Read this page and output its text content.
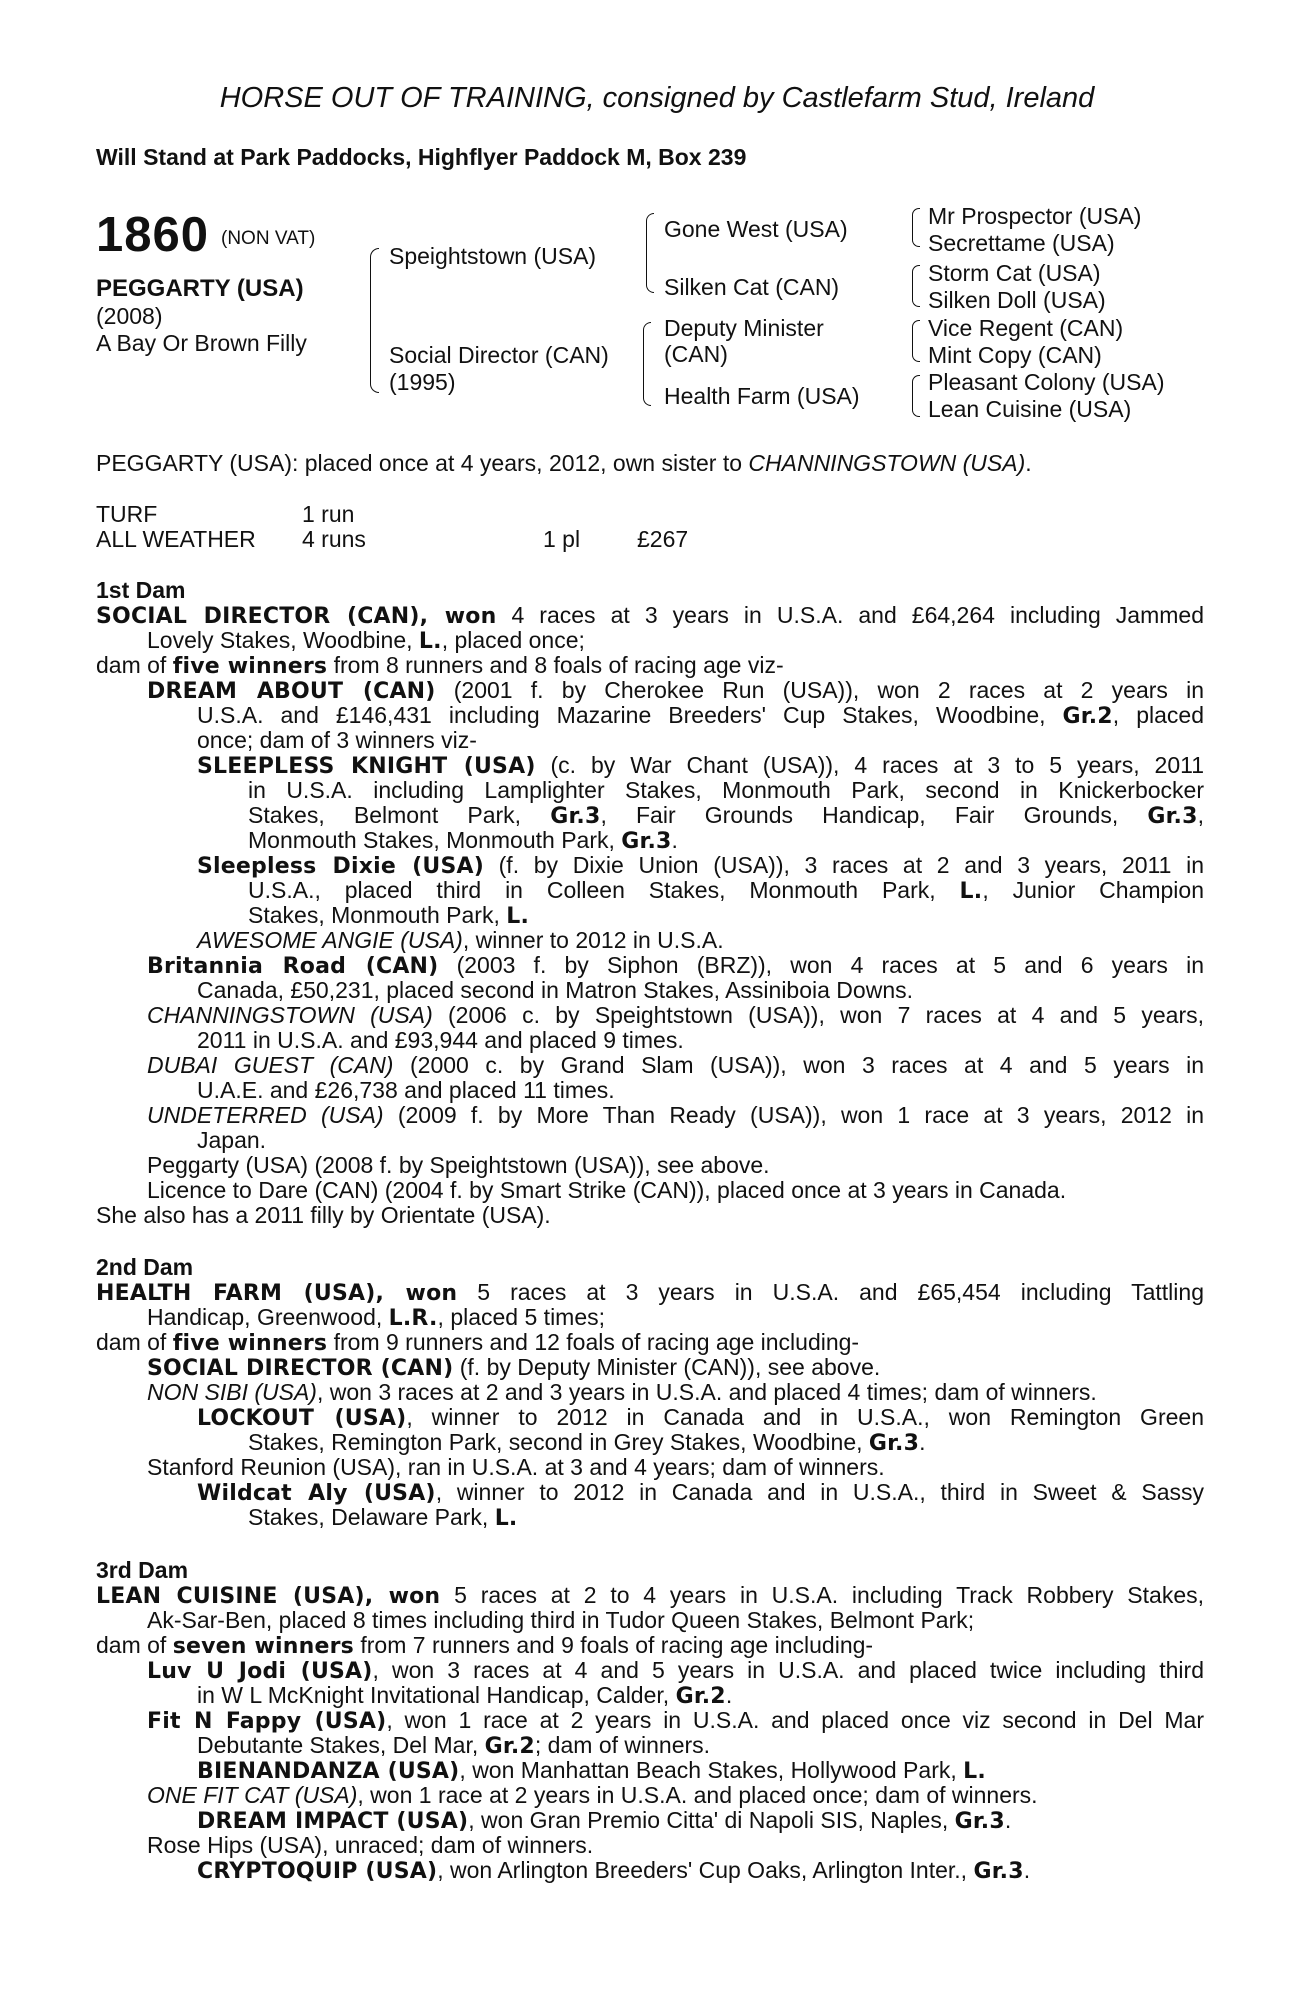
HORSE OUT OF TRAINING, consigned by Castlefarm Stud, Ireland
Will Stand at Park Paddocks, Highflyer Paddock M, Box 239
1860 (NON VAT)
PEGGARTY (USA)
(2008)
A Bay Or Brown Filly
Speightstown (USA)
Social Director (CAN)
(1995)
Gone West (USA)
Silken Cat (CAN)
Deputy Minister
(CAN)
Health Farm (USA)
Mr Prospector (USA)
Secrettame (USA)
Storm Cat (USA)
Silken Doll (USA)
Vice Regent (CAN)
Mint Copy (CAN)
Pleasant Colony (USA)
Lean Cuisine (USA)
PEGGARTY (USA): placed once at 4 years, 2012, own sister to CHANNINGSTOWN (USA).
TURF	1 run
ALL WEATHER 4 runs	1 pl £267
1st Dam
SOCIAL DIRECTOR (CAN), won 4 races at 3 years in U.S.A. and £64,264 including Jammed
Lovely Stakes, Woodbine, L., placed once;
dam of five winners from 8 runners and 8 foals of racing age viz-
DREAM ABOUT (CAN) (2001 f. by Cherokee Run (USA)), won 2 races at 2 years in
U.S.A. and £146,431 including Mazarine Breeders' Cup Stakes, Woodbine, Gr.2, placed
once; dam of 3 winners viz-
SLEEPLESS KNIGHT (USA) (c. by War Chant (USA)), 4 races at 3 to 5 years, 2011
in U.S.A. including Lamplighter Stakes, Monmouth Park, second in Knickerbocker
Stakes, Belmont Park, Gr.3, Fair Grounds Handicap, Fair Grounds, Gr.3,
Monmouth Stakes, Monmouth Park, Gr.3.
Sleepless Dixie (USA) (f. by Dixie Union (USA)), 3 races at 2 and 3 years, 2011 in
U.S.A., placed third in Colleen Stakes, Monmouth Park, L., Junior Champion
Stakes, Monmouth Park, L.
AWESOME ANGIE (USA), winner to 2012 in U.S.A.
Britannia Road (CAN) (2003 f. by Siphon (BRZ)), won 4 races at 5 and 6 years in
Canada, £50,231, placed second in Matron Stakes, Assiniboia Downs.
CHANNINGSTOWN (USA) (2006 c. by Speightstown (USA)), won 7 races at 4 and 5 years,
2011 in U.S.A. and £93,944 and placed 9 times.
DUBAI GUEST (CAN) (2000 c. by Grand Slam (USA)), won 3 races at 4 and 5 years in
U.A.E. and £26,738 and placed 11 times.
UNDETERRED (USA) (2009 f. by More Than Ready (USA)), won 1 race at 3 years, 2012 in
Japan.
Peggarty (USA) (2008 f. by Speightstown (USA)), see above.
Licence to Dare (CAN) (2004 f. by Smart Strike (CAN)), placed once at 3 years in Canada.
She also has a 2011 filly by Orientate (USA).
2nd Dam
HEALTH FARM (USA), won 5 races at 3 years in U.S.A. and £65,454 including Tattling
Handicap, Greenwood, L.R., placed 5 times;
dam of five winners from 9 runners and 12 foals of racing age including-
SOCIAL DIRECTOR (CAN) (f. by Deputy Minister (CAN)), see above.
NON SIBI (USA), won 3 races at 2 and 3 years in U.S.A. and placed 4 times; dam of winners.
LOCKOUT (USA), winner to 2012 in Canada and in U.S.A., won Remington Green
Stakes, Remington Park, second in Grey Stakes, Woodbine, Gr.3.
Stanford Reunion (USA), ran in U.S.A. at 3 and 4 years; dam of winners.
Wildcat Aly (USA), winner to 2012 in Canada and in U.S.A., third in Sweet & Sassy
Stakes, Delaware Park, L.
3rd Dam
LEAN CUISINE (USA), won 5 races at 2 to 4 years in U.S.A. including Track Robbery Stakes,
Ak-Sar-Ben, placed 8 times including third in Tudor Queen Stakes, Belmont Park;
dam of seven winners from 7 runners and 9 foals of racing age including-
Luv U Jodi (USA), won 3 races at 4 and 5 years in U.S.A. and placed twice including third
in W L McKnight Invitational Handicap, Calder, Gr.2.
Fit N Fappy (USA), won 1 race at 2 years in U.S.A. and placed once viz second in Del Mar
Debutante Stakes, Del Mar, Gr.2; dam of winners.
BIENANDANZA (USA), won Manhattan Beach Stakes, Hollywood Park, L.
ONE FIT CAT (USA), won 1 race at 2 years in U.S.A. and placed once; dam of winners.
DREAM IMPACT (USA), won Gran Premio Citta' di Napoli SIS, Naples, Gr.3.
Rose Hips (USA), unraced; dam of winners.
CRYPTOQUIP (USA), won Arlington Breeders' Cup Oaks, Arlington Inter., Gr.3.
